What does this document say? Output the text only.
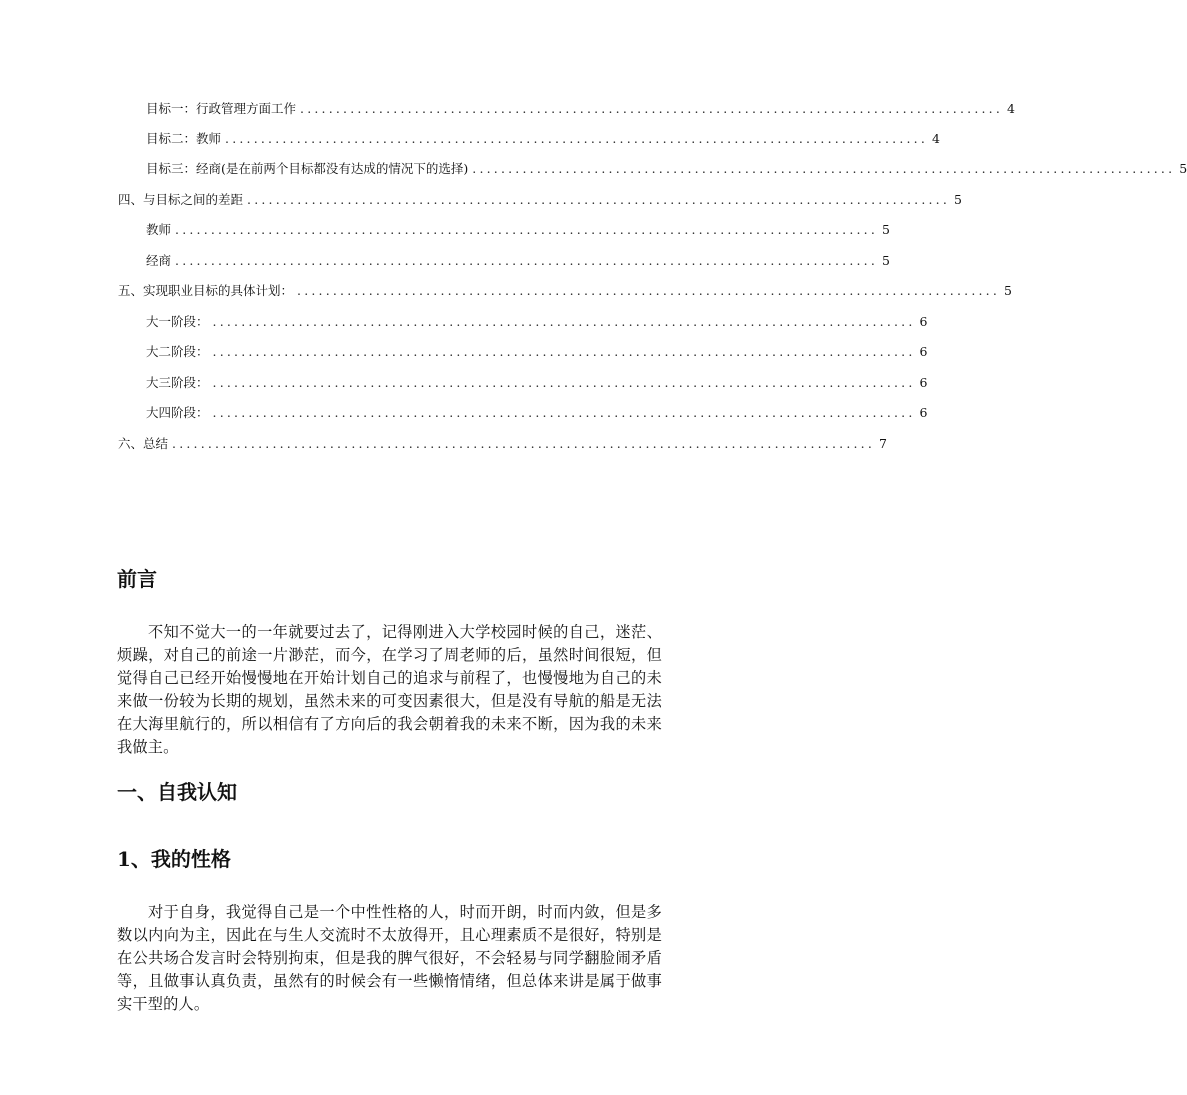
目标一：行政管理方面工作 .................................................................................................. 4
目标二：教师 .................................................................................................. 4
目标三：经商(是在前两个目标都没有达成的情况下的选择) .................................................................................................. 5
四、与目标之间的差距 .................................................................................................. 5
教师 .................................................................................................. 5
经商 .................................................................................................. 5
五、实现职业目标的具体计划： .................................................................................................. 5
大一阶段： .................................................................................................. 6
大二阶段： .................................................................................................. 6
大三阶段： .................................................................................................. 6
大四阶段： .................................................................................................. 6
六、总结 .................................................................................................. 7
前言

不知不觉大一的一年就要过去了，记得刚进入大学校园时候的自己，迷茫、烦躁，对自己的前途一片渺茫，而今，在学习了周老师的后，虽然时间很短，但觉得自己已经开始慢慢地在开始计划自己的追求与前程了，也慢慢地为自己的未来做一份较为长期的规划，虽然未来的可变因素很大，但是没有导航的船是无法在大海里航行的，所以相信有了方向后的我会朝着我的未来不断，因为我的未来我做主。

一、自我认知
1、我的性格

对于自身，我觉得自己是一个中性性格的人，时而开朗，时而内敛，但是多数以内向为主，因此在与生人交流时不太放得开，且心理素质不是很好，特别是在公共场合发言时会特别拘束，但是我的脾气很好，不会轻易与同学翻脸闹矛盾等，且做事认真负责，虽然有的时候会有一些懒惰情绪，但总体来讲是属于做事实干型的人。
